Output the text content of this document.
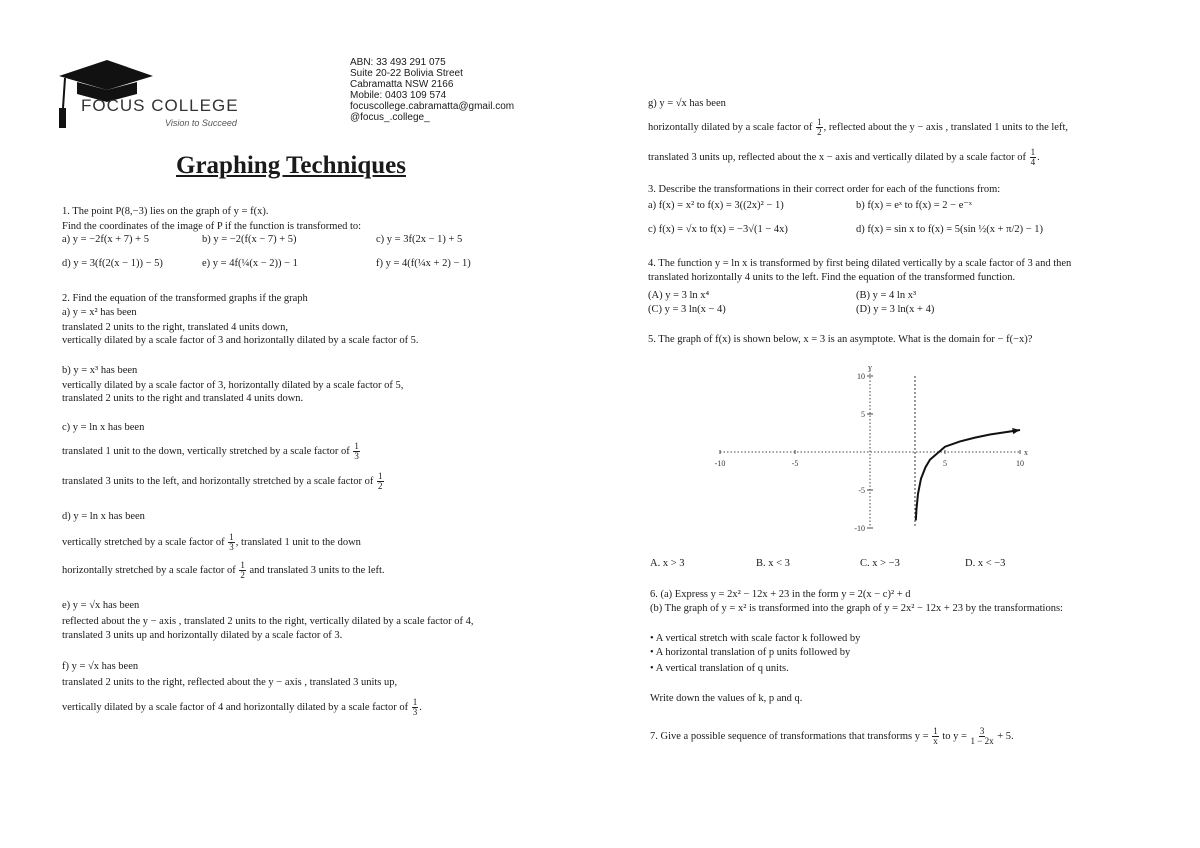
FOCUS COLLEGE
Vision to Succeed
ABN: 33 493 291 075
Suite 20-22 Bolivia Street
Cabramatta NSW 2166
Mobile: 0403 109 574
focuscollege.cabramatta@gmail.com
@focus_.college_
Graphing Techniques
1. The point P(8,−3) lies on the graph of y = f(x).
Find the coordinates of the image of P if the function is transformed to:
a) y = −2f(x + 7) + 5	b) y = −2(f(x − 7) + 5)	c) y = 3f(2x − 1) + 5
d) y = 3(f(2(x − 1)) − 5)	e) y = 4f(¼(x − 2)) − 1	f) y = 4(f(¼x + 2) − 1)
2. Find the equation of the transformed graphs if the graph
a) y = x² has been
translated 2 units to the right, translated 4 units down,
vertically dilated by a scale factor of 3 and horizontally dilated by a scale factor of 5.
b) y = x³ has been
vertically dilated by a scale factor of 3, horizontally dilated by a scale factor of 5,
translated 2 units to the right and translated 4 units down.
c) y = ln x has been
translated 1 unit to the down, vertically stretched by a scale factor of $\frac{1}{3}$
translated 3 units to the left, and horizontally stretched by a scale factor of $\frac{1}{2}$
d) y = ln x has been
vertically stretched by a scale factor of $\frac{1}{3}$ , translated 1 unit to the down
horizontally stretched by a scale factor of $\frac{1}{2}$ and translated 3 units to the left.
e) y = √x has been
reflected about the y − axis , translated 2 units to the right, vertically dilated by a scale factor of 4,
translated 3 units up and horizontally dilated by a scale factor of 3.
f) y = √x has been
translated 2 units to the right, reflected about the y − axis , translated 3 units up,
vertically dilated by a scale factor of 4 and horizontally dilated by a scale factor of $\frac{1}{3}$ .
g) y = √x has been
horizontally dilated by a scale factor of $\frac{1}{2}$ , reflected about the y − axis , translated 1 units to the left,
translated 3 units up, reflected about the x − axis and vertically dilated by a scale factor of $\frac{1}{4}$ .
3. Describe the transformations in their correct order for each of the functions from:
a) f(x) = x² to f(x) = 3((2x)² − 1)	b) f(x) = eˣ to f(x) = 2 − e⁻ˣ
c) f(x) = √x to f(x) = −3√(1 − 4x)	d) f(x) = sin x to f(x) = 5(sin ½(x + π/2) − 1)
4. The function y = ln x is transformed by first being dilated vertically by a scale factor of 3 and then
translated horizontally 4 units to the left. Find the equation of the transformed function.
(A) y = 3 ln x⁴	(B) y = 4 ln x³
(C) y = 3 ln(x − 4)	(D) y = 3 ln(x + 4)
5. The graph of f(x) is shown below, x = 3 is an asymptote. What is the domain for − f(−x)?
x
y
-10	-5	5	10
10
5
-5
-10
A. x > 3	B. x < 3	C. x > −3	D. x < −3
6. (a) Express y = 2x² − 12x + 23 in the form y = 2(x − c)² + d
(b) The graph of y = x² is transformed into the graph of y = 2x² − 12x + 23 by the transformations:
• A vertical stretch with scale factor k followed by
• A horizontal translation of p units followed by
• A vertical translation of q units.
Write down the values of k, p and q.
7. Give a possible sequence of transformations that transforms $y = \frac{1}{x}$ to $y = \frac{3}{1 - 2x} + 5$.
